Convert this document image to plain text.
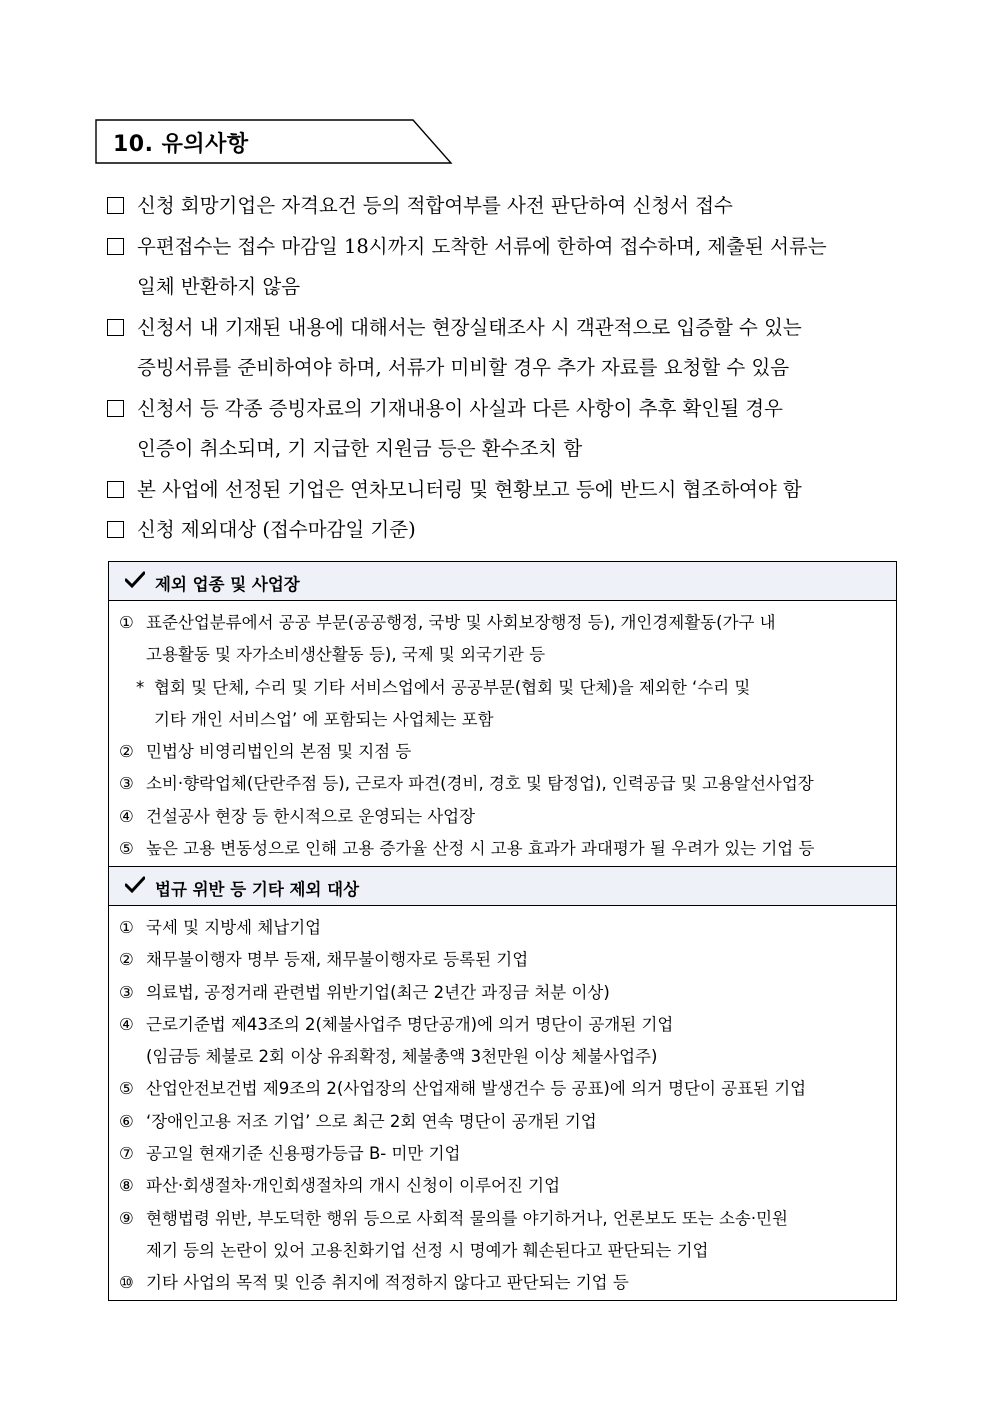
10. 유의사항
신청 회망기업은 자격요건 등의 적합여부를 사전 판단하여 신청서 접수
우편접수는 접수 마감일 18시까지 도착한 서류에 한하여 접수하며, 제출된 서류는
일체 반환하지 않음
신청서 내 기재된 내용에 대해서는 현장실태조사 시 객관적으로 입증할 수 있는
증빙서류를 준비하여야 하며, 서류가 미비할 경우 추가 자료를 요청할 수 있음
신청서 등 각종 증빙자료의 기재내용이 사실과 다른 사항이 추후 확인될 경우
인증이 취소되며, 기 지급한 지원금 등은 환수조치 함
본 사업에 선정된 기업은 연차모니터링 및 현황보고 등에 반드시 협조하여야 함
신청 제외대상 (접수마감일 기준)
제외 업종 및 사업장
① 표준산업분류에서 공공 부문(공공행정, 국방 및 사회보장행정 등), 개인경제활동(가구 내
고용활동 및 자가소비생산활동 등), 국제 및 외국기관 등
* 협회 및 단체, 수리 및 기타 서비스업에서 공공부문(협회 및 단체)을 제외한 ‘수리 및
기타 개인 서비스업’ 에 포함되는 사업체는 포함
② 민법상 비영리법인의 본점 및 지점 등
③ 소비·향락업체(단란주점 등), 근로자 파견(경비, 경호 및 탐정업), 인력공급 및 고용알선사업장
④ 건설공사 현장 등 한시적으로 운영되는 사업장
⑤ 높은 고용 변동성으로 인해 고용 증가율 산정 시 고용 효과가 과대평가 될 우려가 있는 기업 등
법규 위반 등 기타 제외 대상
① 국세 및 지방세 체납기업
② 채무불이행자 명부 등재, 채무불이행자로 등록된 기업
③ 의료법, 공정거래 관련법 위반기업(최근 2년간 과징금 처분 이상)
④ 근로기준법 제43조의 2(체불사업주 명단공개)에 의거 명단이 공개된 기업
(임금등 체불로 2회 이상 유죄확정, 체불총액 3천만원 이상 체불사업주)
⑤ 산업안전보건법 제9조의 2(사업장의 산업재해 발생건수 등 공표)에 의거 명단이 공표된 기업
⑥ ‘장애인고용 저조 기업’ 으로 최근 2회 연속 명단이 공개된 기업
⑦ 공고일 현재기준 신용평가등급 B- 미만 기업
⑧ 파산·회생절차·개인회생절차의 개시 신청이 이루어진 기업
⑨ 현행법령 위반, 부도덕한 행위 등으로 사회적 물의를 야기하거나, 언론보도 또는 소송·민원
제기 등의 논란이 있어 고용친화기업 선정 시 명예가 훼손된다고 판단되는 기업
⑩ 기타 사업의 목적 및 인증 취지에 적정하지 않다고 판단되는 기업 등
